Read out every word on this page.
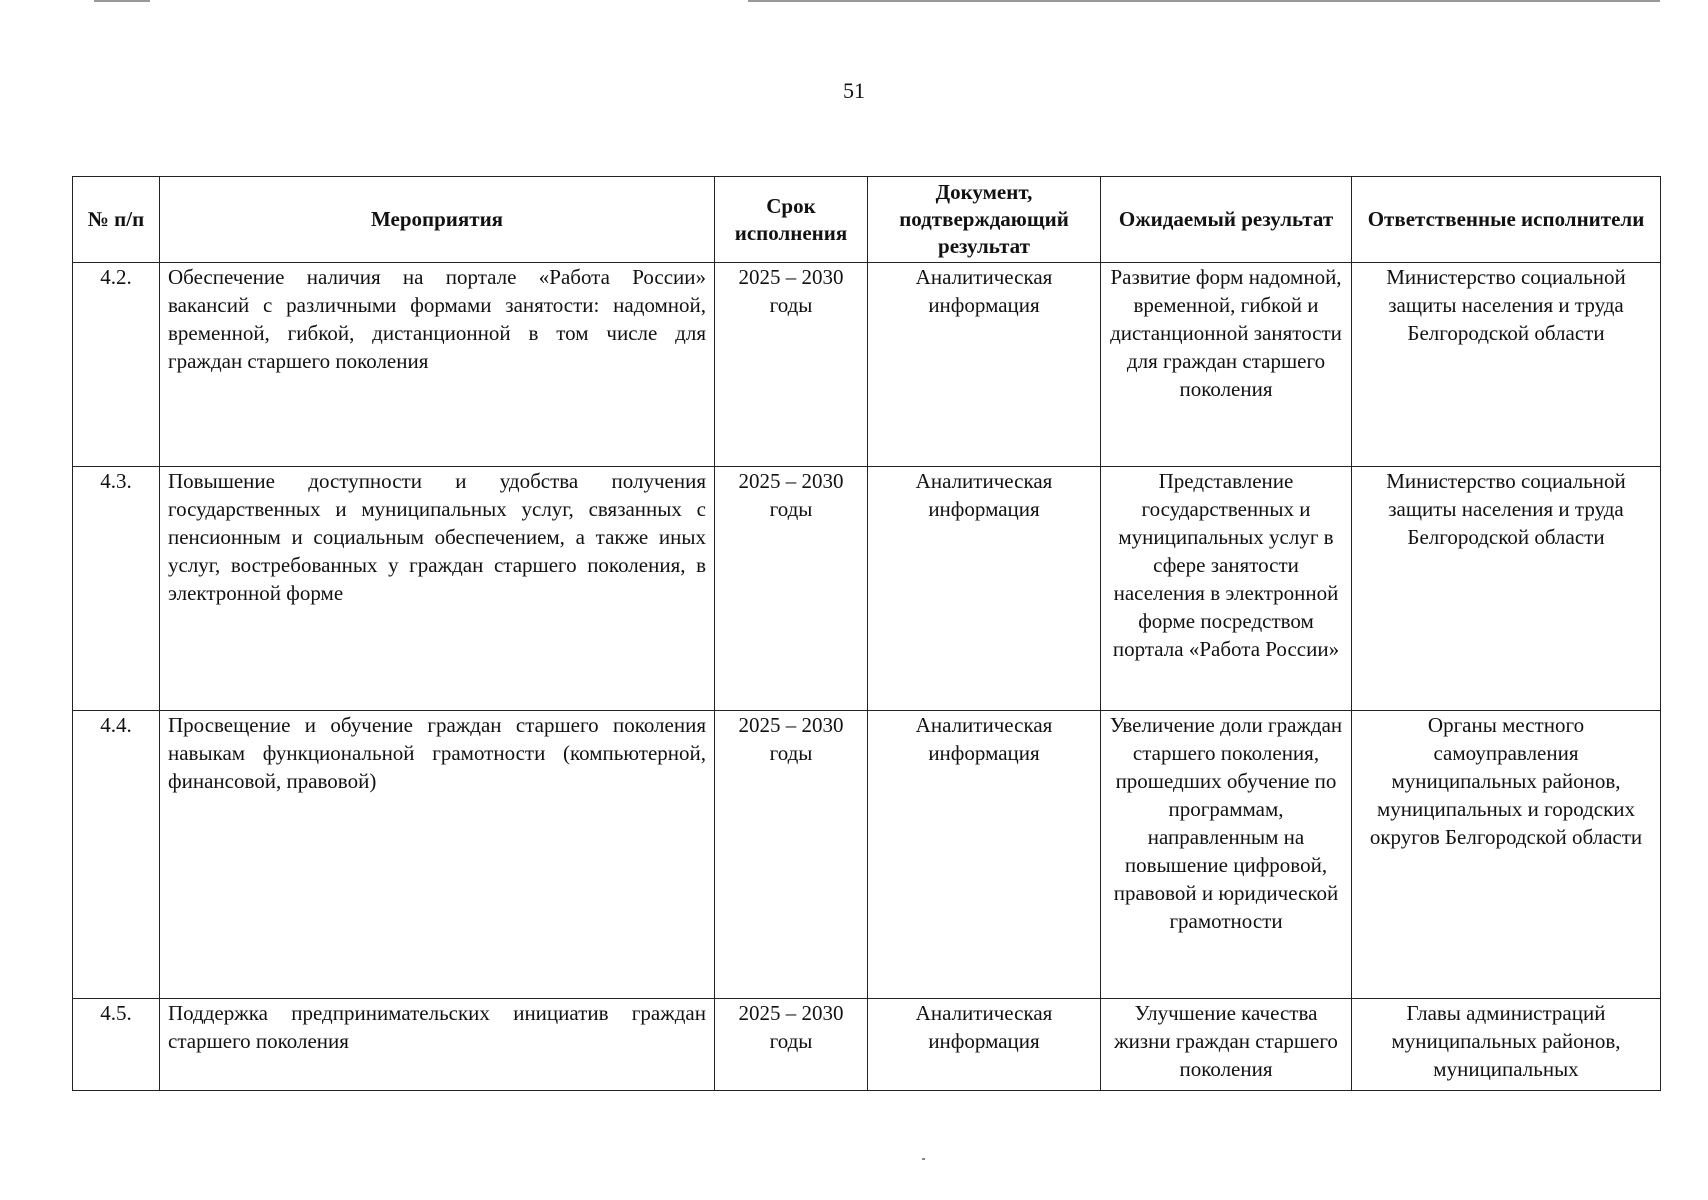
51
№ п/п	Мероприятия	Срок исполнения	Документ, подтверждающий результат	Ожидаемый результат	Ответственные исполнители
4.2.	Обеспечение наличия на портале «Работа России» вакансий с различными формами занятости: надомной, временной, гибкой, дистанционной в том числе для граждан старшего поколения	2025 – 2030 годы	Аналитическая информация	Развитие форм надомной, временной, гибкой и дистанционной занятости для граждан старшего поколения	Министерство социальной защиты населения и труда Белгородской области
4.3.	Повышение доступности и удобства получения государственных и муниципальных услуг, связанных с пенсионным и социальным обеспечением, а также иных услуг, востребованных у граждан старшего поколения, в электронной форме	2025 – 2030 годы	Аналитическая информация	Представление государственных и муниципальных услуг в сфере занятости населения в электронной форме посредством портала «Работа России»	Министерство социальной защиты населения и труда Белгородской области
4.4.	Просвещение и обучение граждан старшего поколения навыкам функциональной грамотности (компьютерной, финансовой, правовой)	2025 – 2030 годы	Аналитическая информация	Увеличение доли граждан старшего поколения, прошедших обучение по программам, направленным на повышение цифровой, правовой и юридической грамотности	Органы местного самоуправления муниципальных районов, муниципальных и городских округов Белгородской области
4.5.	Поддержка предпринимательских инициатив граждан старшего поколения	2025 – 2030 годы	Аналитическая информация	Улучшение качества жизни граждан старшего поколения	Главы администраций муниципальных районов, муниципальных
